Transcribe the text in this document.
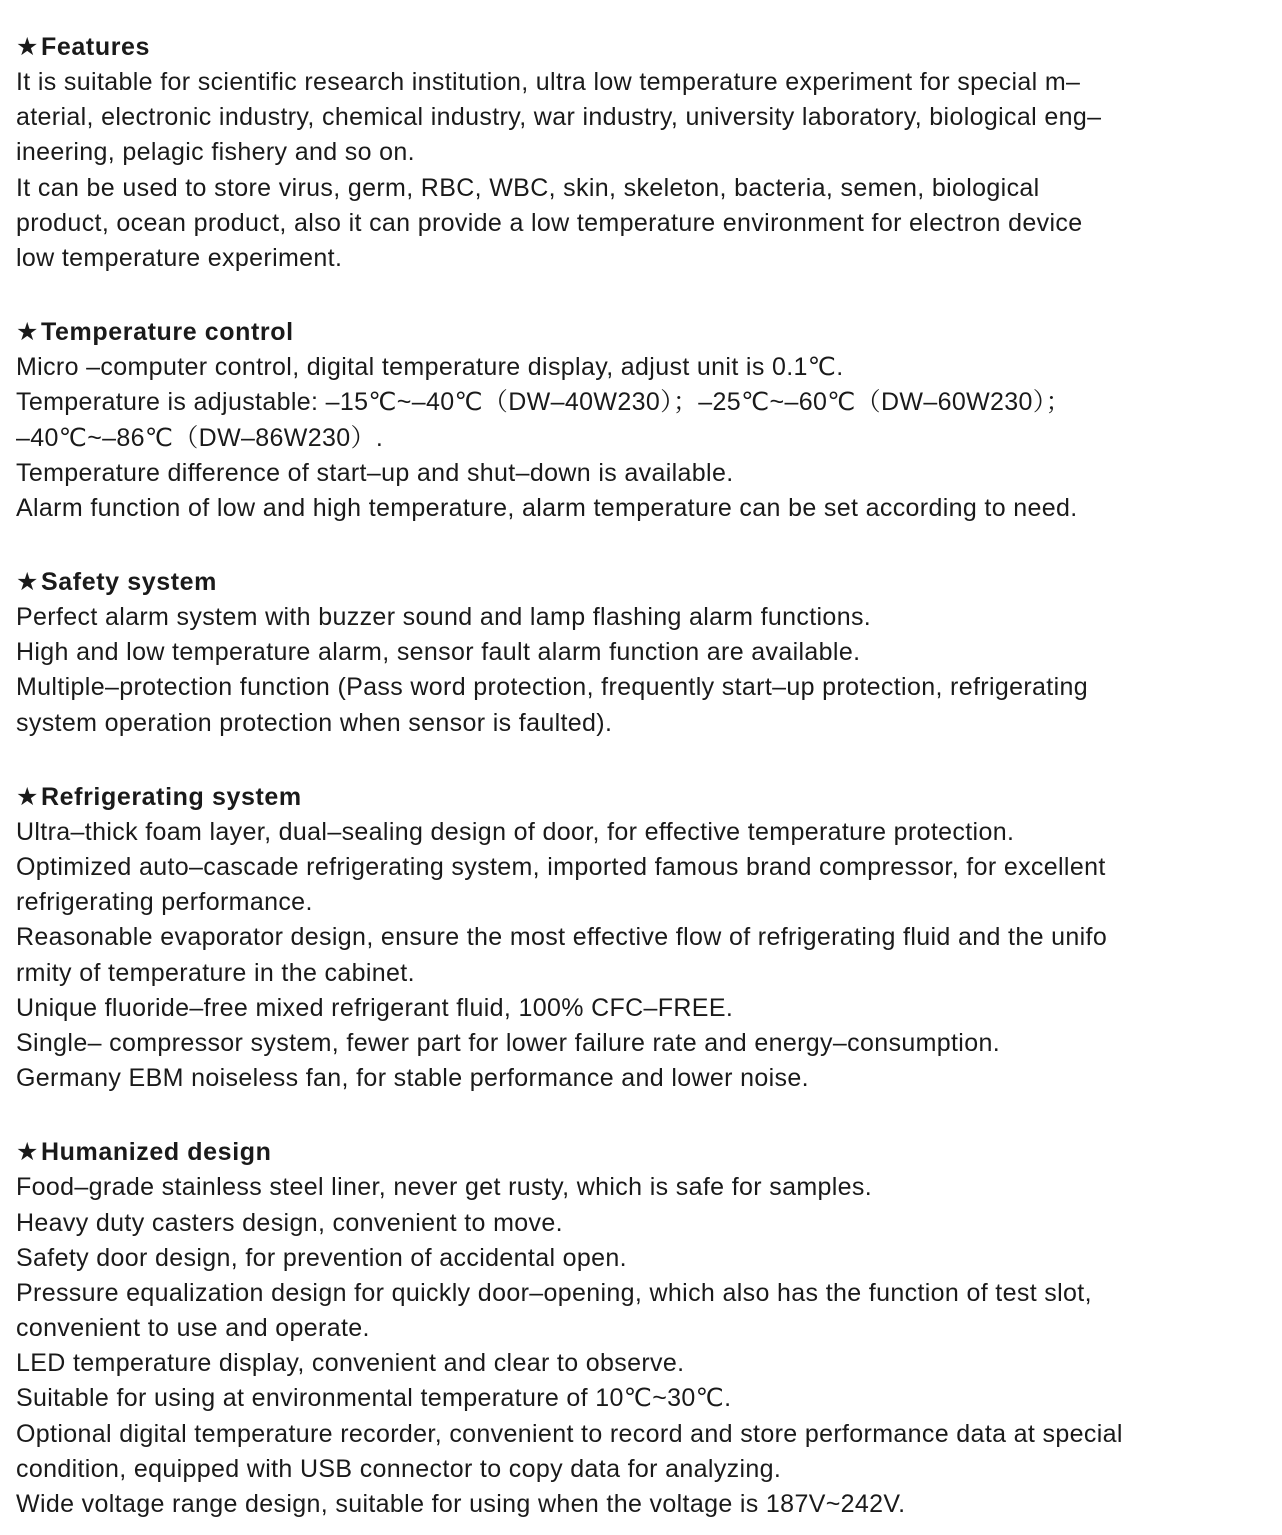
★Features
It is suitable for scientific research institution, ultra low temperature experiment for special m–
aterial, electronic industry, chemical industry, war industry, university laboratory, biological eng–
ineering, pelagic fishery and so on.
It can be used to store virus, germ, RBC, WBC, skin, skeleton, bacteria, semen, biological
product, ocean product, also it can provide a low temperature environment for electron device
low temperature experiment.
★Temperature control
Micro –computer control, digital temperature display, adjust unit is 0.1℃.
Temperature is adjustable: –15℃~–40℃（DW–40W230）；–25℃~–60℃（DW–60W230）；
–40℃~–86℃（DW–86W230）.
Temperature difference of start–up and shut–down is available.
Alarm function of low and high temperature, alarm temperature can be set according to need.
★Safety system
Perfect alarm system with buzzer sound and lamp flashing alarm functions.
High and low temperature alarm, sensor fault alarm function are available.
Multiple–protection function (Pass word protection, frequently start–up protection, refrigerating
system operation protection when sensor is faulted).
★Refrigerating system
Ultra–thick foam layer, dual–sealing design of door, for effective temperature protection.
Optimized auto–cascade refrigerating system, imported famous brand compressor, for excellent
refrigerating performance.
Reasonable evaporator design, ensure the most effective flow of refrigerating fluid and the unifo
rmity of temperature in the cabinet.
Unique fluoride–free mixed refrigerant fluid, 100% CFC–FREE.
Single– compressor system, fewer part for lower failure rate and energy–consumption.
Germany EBM noiseless fan, for stable performance and lower noise.
★Humanized design
Food–grade stainless steel liner, never get rusty, which is safe for samples.
Heavy duty casters design, convenient to move.
Safety door design, for prevention of accidental open.
Pressure equalization design for quickly door–opening, which also has the function of test slot,
convenient to use and operate.
LED temperature display, convenient and clear to observe.
Suitable for using at environmental temperature of 10℃~30℃.
Optional digital temperature recorder, convenient to record and store performance data at special
condition, equipped with USB connector to copy data for analyzing.
Wide voltage range design, suitable for using when the voltage is 187V~242V.
